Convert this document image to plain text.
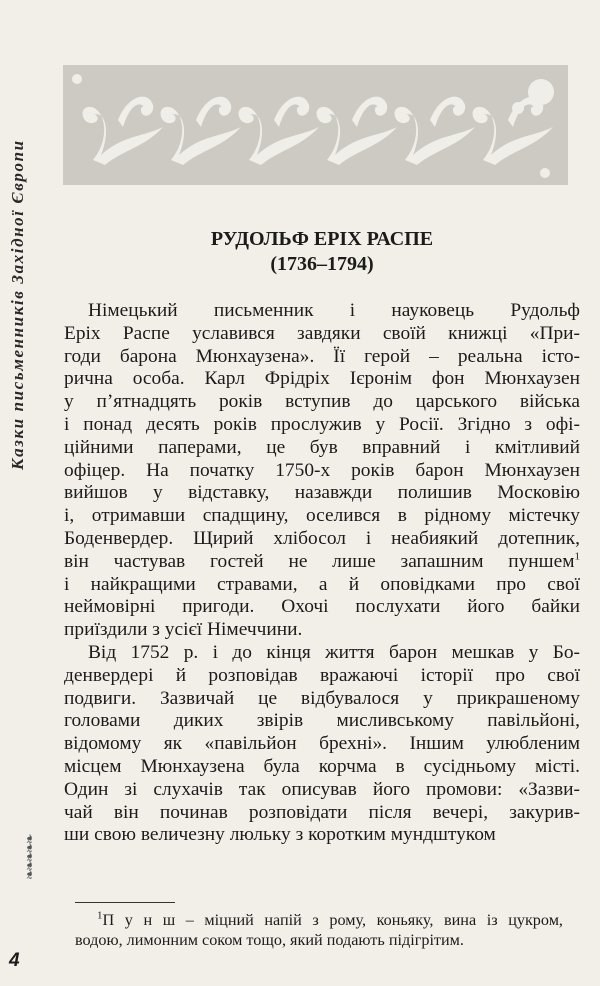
Казки письменників Західної Європи
❧❧❧❧❧
4
РУДОЛЬФ ЕРІХ РАСПЕ
(1736–1794)
Німецький письменник і науковець Рудольф
Еріх Распе уславився завдяки своїй книжці «При-
годи барона Мюнхаузена». Її герой – реальна істо-
рична особа. Карл Фрідріх Ієронім фон Мюнхаузен
у п’ятнадцять років вступив до царського війська
і понад десять років прослужив у Росії. Згідно з офі-
ційними паперами, це був вправний і кмітливий
офіцер. На початку 1750-х років барон Мюнхаузен
вийшов у відставку, назавжди полишив Московію
і, отримавши спадщину, оселився в рідному містечку
Боденвердер. Щирий хлібосол і неабиякий дотепник,
він частував гостей не лише запашним пуншем$^1$
і найкращими стравами, а й оповідками про свої
неймовірні пригоди. Охочі послухати його байки
приїздили з усієї Німеччини.
Від 1752 р. і до кінця життя барон мешкав у Бо-
денвердері й розповідав вражаючі історії про свої
подвиги. Зазвичай це відбувалося у прикрашеному
головами диких звірів мисливському павільйоні,
відомому як «павільйон брехні». Іншим улюбленим
місцем Мюнхаузена була корчма в сусідньому місті.
Один зі слухачів так описував його промови: «Зазви-
чай він починав розповідати після вечері, закурив-
ши свою величезну люльку з коротким мундштуком
$^1$П у н ш – міцний напій з рому, коньяку, вина із цукром,
водою, лимонним соком тощо, який подають підігрітим.
